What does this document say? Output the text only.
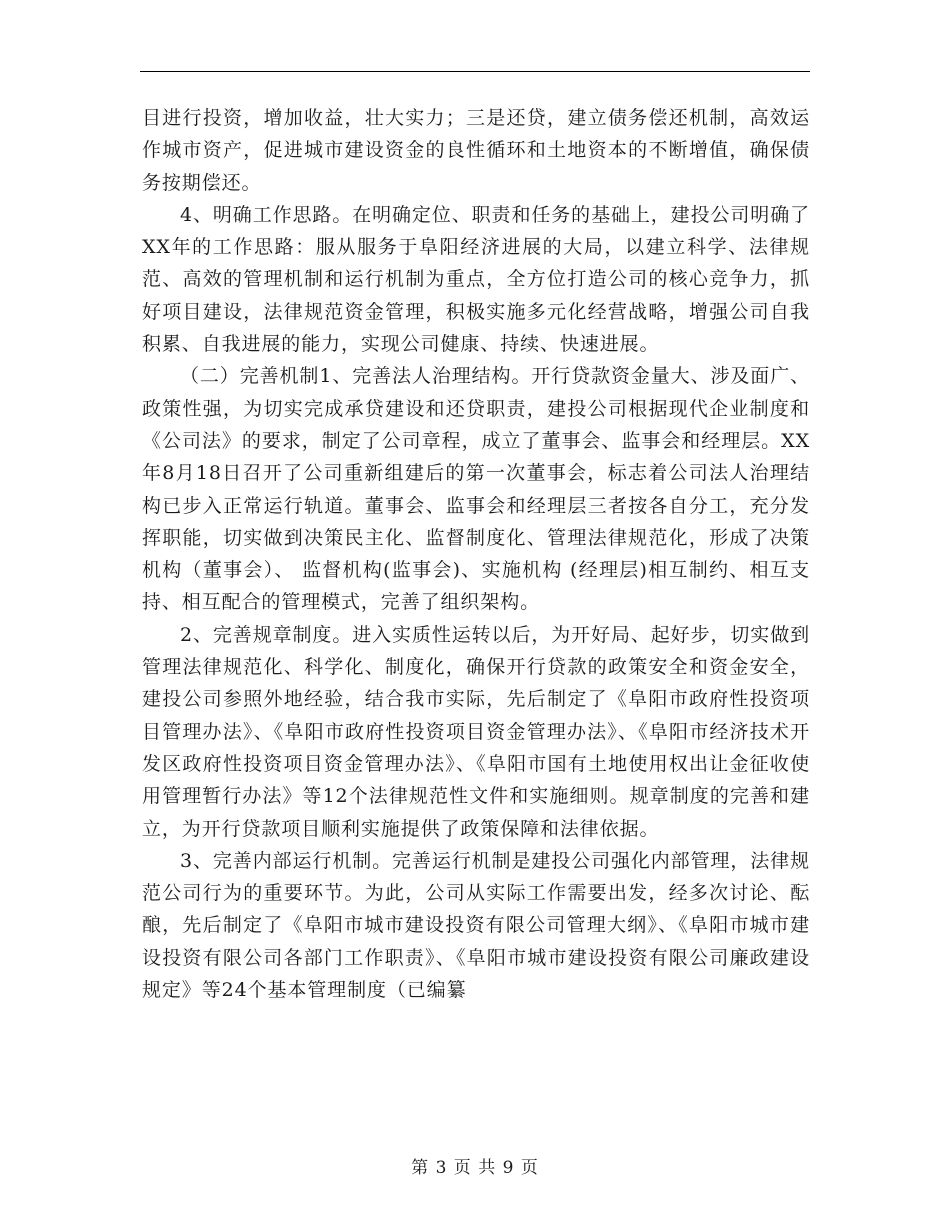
目进行投资，增加收益，壮大实力；三是还贷，建立债务偿还机制，高效运作城市资产，促进城市建设资金的良性循环和土地资本的不断增值，确保债务按期偿还。

4、明确工作思路。在明确定位、职责和任务的基础上，建投公司明确了XX年的工作思路：服从服务于阜阳经济进展的大局，以建立科学、法律规范、高效的管理机制和运行机制为重点，全方位打造公司的核心竞争力，抓好项目建设，法律规范资金管理，积极实施多元化经营战略，增强公司自我积累、自我进展的能力，实现公司健康、持续、快速进展。

（二）完善机制1、完善法人治理结构。开行贷款资金量大、涉及面广、政策性强，为切实完成承贷建设和还贷职责，建投公司根据现代企业制度和《公司法》的要求，制定了公司章程，成立了董事会、监事会和经理层。XX年8月18日召开了公司重新组建后的第一次董事会，标志着公司法人治理结构已步入正常运行轨道。董事会、监事会和经理层三者按各自分工，充分发挥职能，切实做到决策民主化、监督制度化、管理法律规范化，形成了决策机构（董事会）、 监督机构(监事会)、实施机构 (经理层)相互制约、相互支持、相互配合的管理模式，完善了组织架构。

2、完善规章制度。进入实质性运转以后，为开好局、起好步，切实做到管理法律规范化、科学化、制度化，确保开行贷款的政策安全和资金安全，建投公司参照外地经验，结合我市实际，先后制定了《阜阳市政府性投资项目管理办法》、《阜阳市政府性投资项目资金管理办法》、《阜阳市经济技术开发区政府性投资项目资金管理办法》、《阜阳市国有土地使用权出让金征收使用管理暂行办法》等12个法律规范性文件和实施细则。规章制度的完善和建立，为开行贷款项目顺利实施提供了政策保障和法律依据。

3、完善内部运行机制。完善运行机制是建投公司强化内部管理，法律规范公司行为的重要环节。为此，公司从实际工作需要出发，经多次讨论、酝酿，先后制定了《阜阳市城市建设投资有限公司管理大纲》、《阜阳市城市建设投资有限公司各部门工作职责》、《阜阳市城市建设投资有限公司廉政建设规定》等24个基本管理制度（已编纂

第 3 页 共 9 页
